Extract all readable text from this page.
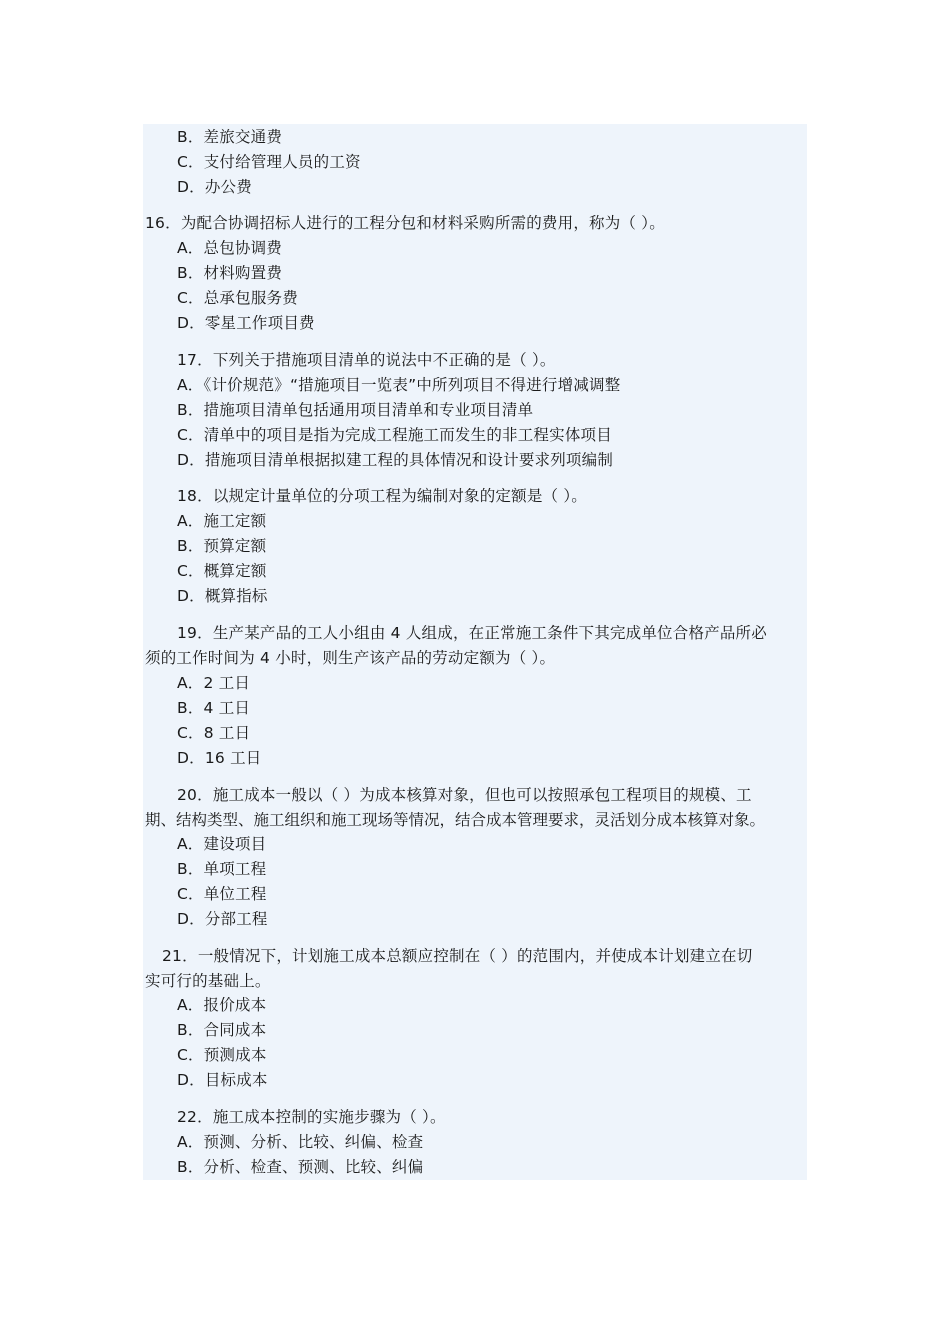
B．差旅交通费
C．支付给管理人员的工资
D．办公费
16．为配合协调招标人进行的工程分包和材料采购所需的费用，称为（ ）。
A．总包协调费
B．材料购置费
C．总承包服务费
D．零星工作项目费
17．下列关于措施项目清单的说法中不正确的是（ ）。
A．《计价规范》“措施项目一览表”中所列项目不得进行增减调整
B．措施项目清单包括通用项目清单和专业项目清单
C．清单中的项目是指为完成工程施工而发生的非工程实体项目
D．措施项目清单根据拟建工程的具体情况和设计要求列项编制
18．以规定计量单位的分项工程为编制对象的定额是（ ）。
A．施工定额
B．预算定额
C．概算定额
D．概算指标
19．生产某产品的工人小组由 4 人组成，在正常施工条件下其完成单位合格产品所必
须的工作时间为 4 小时，则生产该产品的劳动定额为（ ）。
A．2 工日
B．4 工日
C．8 工日
D．16 工日
20．施工成本一般以（ ）为成本核算对象，但也可以按照承包工程项目的规模、工
期、结构类型、施工组织和施工现场等情况，结合成本管理要求，灵活划分成本核算对象。
A．建设项目
B．单项工程
C．单位工程
D．分部工程
21．一般情况下，计划施工成本总额应控制在（ ）的范围内，并使成本计划建立在切
实可行的基础上。
A．报价成本
B．合同成本
C．预测成本
D．目标成本
22．施工成本控制的实施步骤为（ ）。
A．预测、分析、比较、纠偏、检查
B．分析、检查、预测、比较、纠偏
